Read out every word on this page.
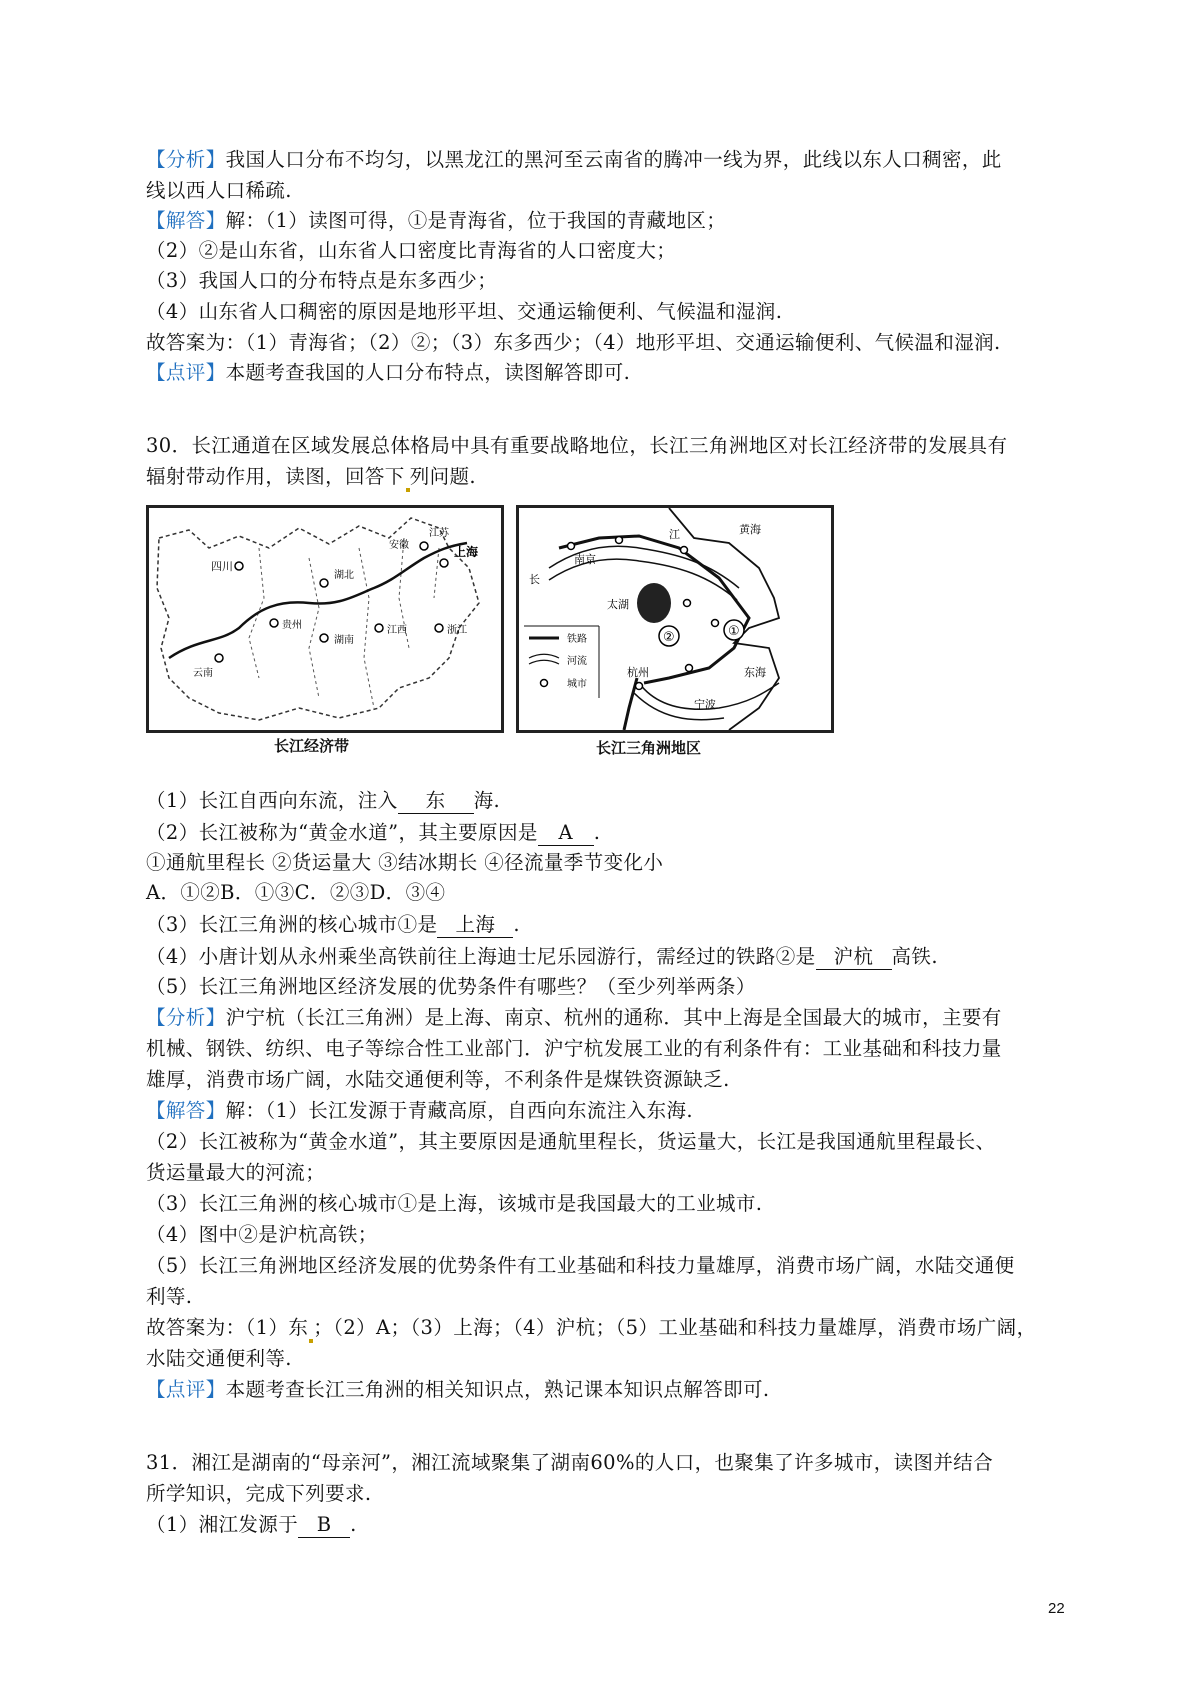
【分析】我国人口分布不均匀，以黑龙江的黑河至云南省的腾冲一线为界，此线以东人口稠密，此
线以西人口稀疏.
【解答】解：（1）读图可得，①是青海省，位于我国的青藏地区；
（2）②是山东省，山东省人口密度比青海省的人口密度大；
（3）我国人口的分布特点是东多西少；
（4）山东省人口稠密的原因是地形平坦、交通运输便利、气候温和湿润.
故答案为：（1）青海省；（2）②；（3）东多西少；（4）地形平坦、交通运输便利、气候温和湿润.
【点评】本题考查我国的人口分布特点，读图解答即可.
30．长江通道在区域发展总体格局中具有重要战略地位，长江三角洲地区对长江经济带的发展具有
辐射带动作用，读图，回答下 列问题.
四川
湖北
安徽
江苏
上海
浙江
贵州
湖南
江西
云南
长江经济带
①
②
江	黄海
长
南京
太湖
杭州	东海
宁波
铁路
河流
城市
长江三角洲地区
（1）长江自西向东流，注入 东 海.
（2）长江被称为“黄金水道”，其主要原因是 A .
①通航里程长 ②货运量大 ③结冰期长 ④径流量季节变化小
A．①②B．①③C．②③D．③④
（3）长江三角洲的核心城市①是 上海 .
（4）小唐计划从永州乘坐高铁前往上海迪士尼乐园游行，需经过的铁路②是 沪杭 高铁.
（5）长江三角洲地区经济发展的优势条件有哪些？（至少列举两条）
【分析】沪宁杭（长江三角洲）是上海、南京、杭州的通称．其中上海是全国最大的城市，主要有
机械、钢铁、纺织、电子等综合性工业部门．沪宁杭发展工业的有利条件有：工业基础和科技力量
雄厚，消费市场广阔，水陆交通便利等，不利条件是煤铁资源缺乏.
【解答】解：（1）长江发源于青藏高原，自西向东流注入东海.
（2）长江被称为“黄金水道”，其主要原因是通航里程长，货运量大，长江是我国通航里程最长、
货运量最大的河流；
（3）长江三角洲的核心城市①是上海，该城市是我国最大的工业城市.
（4）图中②是沪杭高铁；
（5）长江三角洲地区经济发展的优势条件有工业基础和科技力量雄厚，消费市场广阔，水陆交通便
利等.
故答案为：（1）东 ；（2）A；（3）上海；（4）沪杭；（5）工业基础和科技力量雄厚，消费市场广阔，
水陆交通便利等.
【点评】本题考查长江三角洲的相关知识点，熟记课本知识点解答即可.
31．湘江是湖南的“母亲河”，湘江流域聚集了湖南60%的人口，也聚集了许多城市，读图并结合
所学知识，完成下列要求.
（1）湘江发源于 B .
22
